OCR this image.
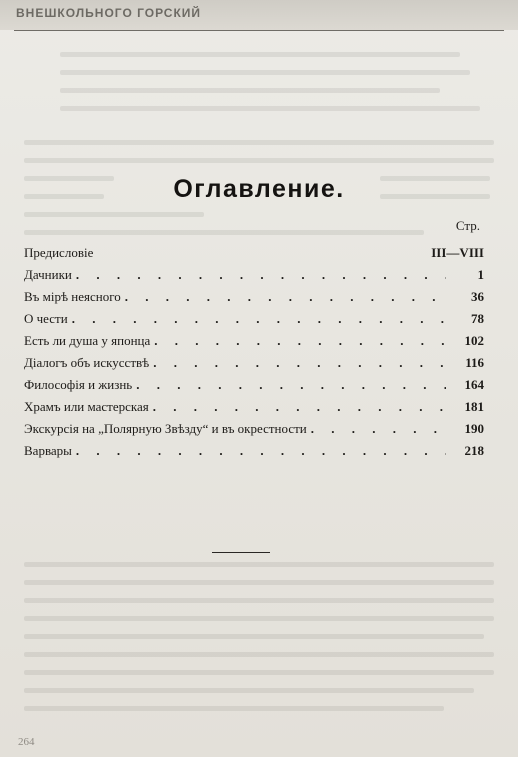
ВНЕШКОЛЬНОГО ГОРСКИЙ
Оглавление.
Стр.
Предисловіе	III—VIII
Дачники . . .	1
Въ мірѣ неясного . . .	36
О чести . . .	78
Есть ли душа у японца . . .	102
Діалогъ объ искусствѣ . . .	116
Философія и жизнь . . .	164
Храмъ или мастерская . . .	181
Экскурсія на „Полярную Звѣзду“ и въ окрестности . . .	190
Варвары . . .	218
264
